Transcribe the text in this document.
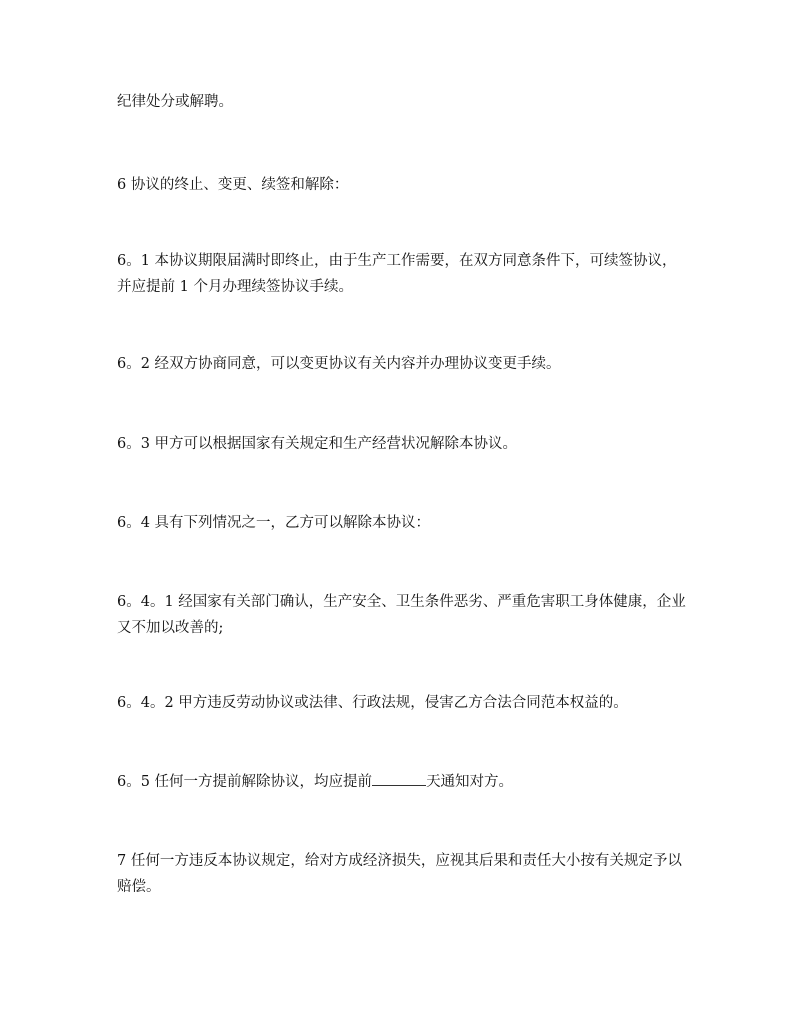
纪律处分或解聘。

6 协议的终止、变更、续签和解除：

6。1 本协议期限届满时即终止，由于生产工作需要，在双方同意条件下，可续签协议，并应提前 1 个月办理续签协议手续。

6。2 经双方协商同意，可以变更协议有关内容并办理协议变更手续。

6。3 甲方可以根据国家有关规定和生产经营状况解除本协议。

6。4 具有下列情况之一，乙方可以解除本协议：

6。4。1 经国家有关部门确认，生产安全、卫生条件恶劣、严重危害职工身体健康，企业又不加以改善的;

6。4。2 甲方违反劳动协议或法律、行政法规，侵害乙方合法合同范本权益的。

6。5 任何一方提前解除协议，均应提前	天通知对方。

7 任何一方违反本协议规定，给对方成经济损失，应视其后果和责任大小按有关规定予以赔偿。
